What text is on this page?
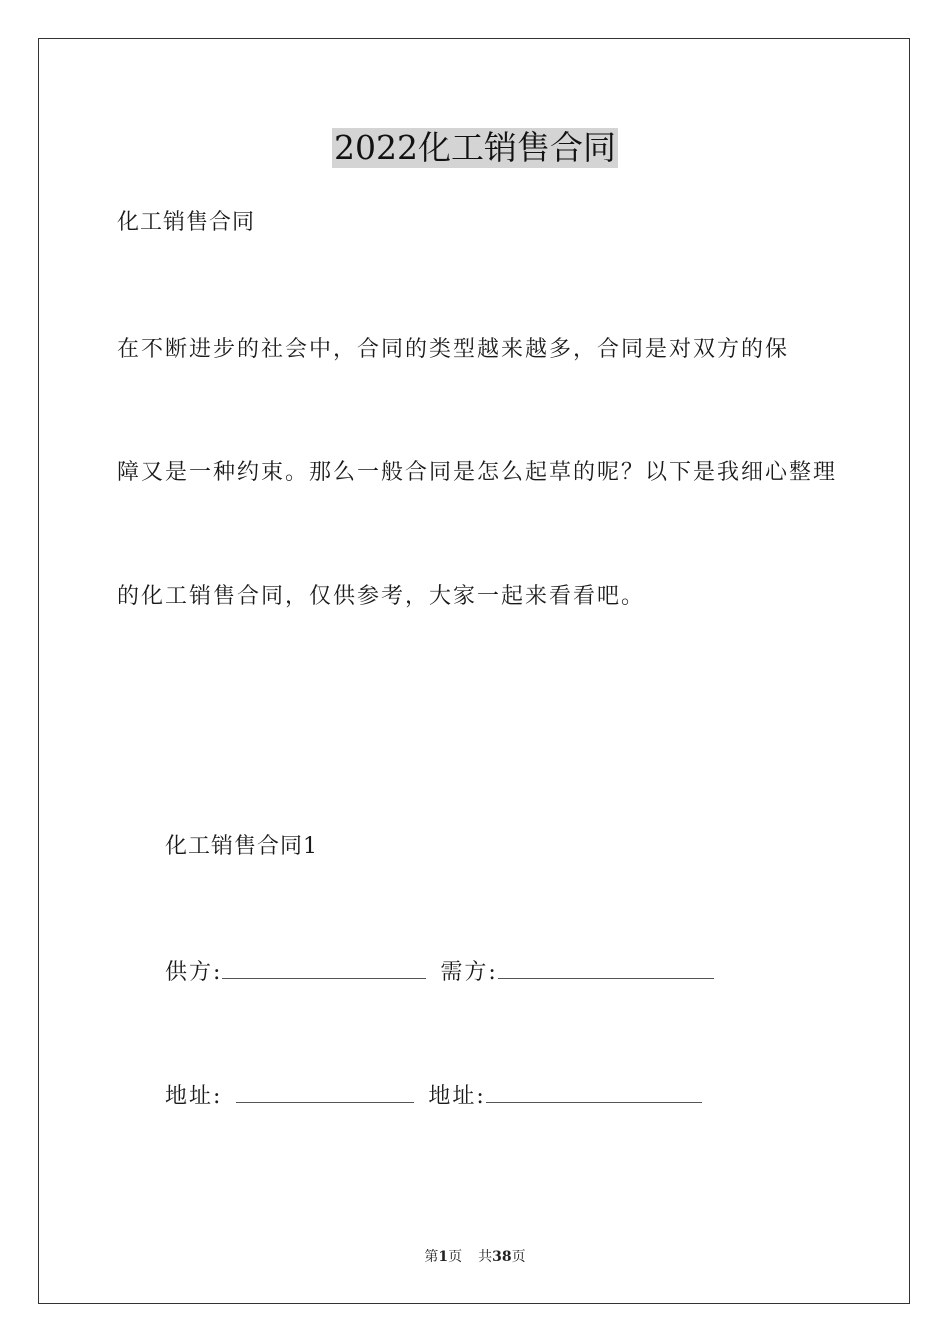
2022化工销售合同
化工销售合同
在不断进步的社会中，合同的类型越来越多，合同是对双方的保
障又是一种约束。那么一般合同是怎么起草的呢？以下是我细心整理
的化工销售合同，仅供参考，大家一起来看看吧。
化工销售合同1
供方:	需方:
地址:	地址:
第1页 共38页
